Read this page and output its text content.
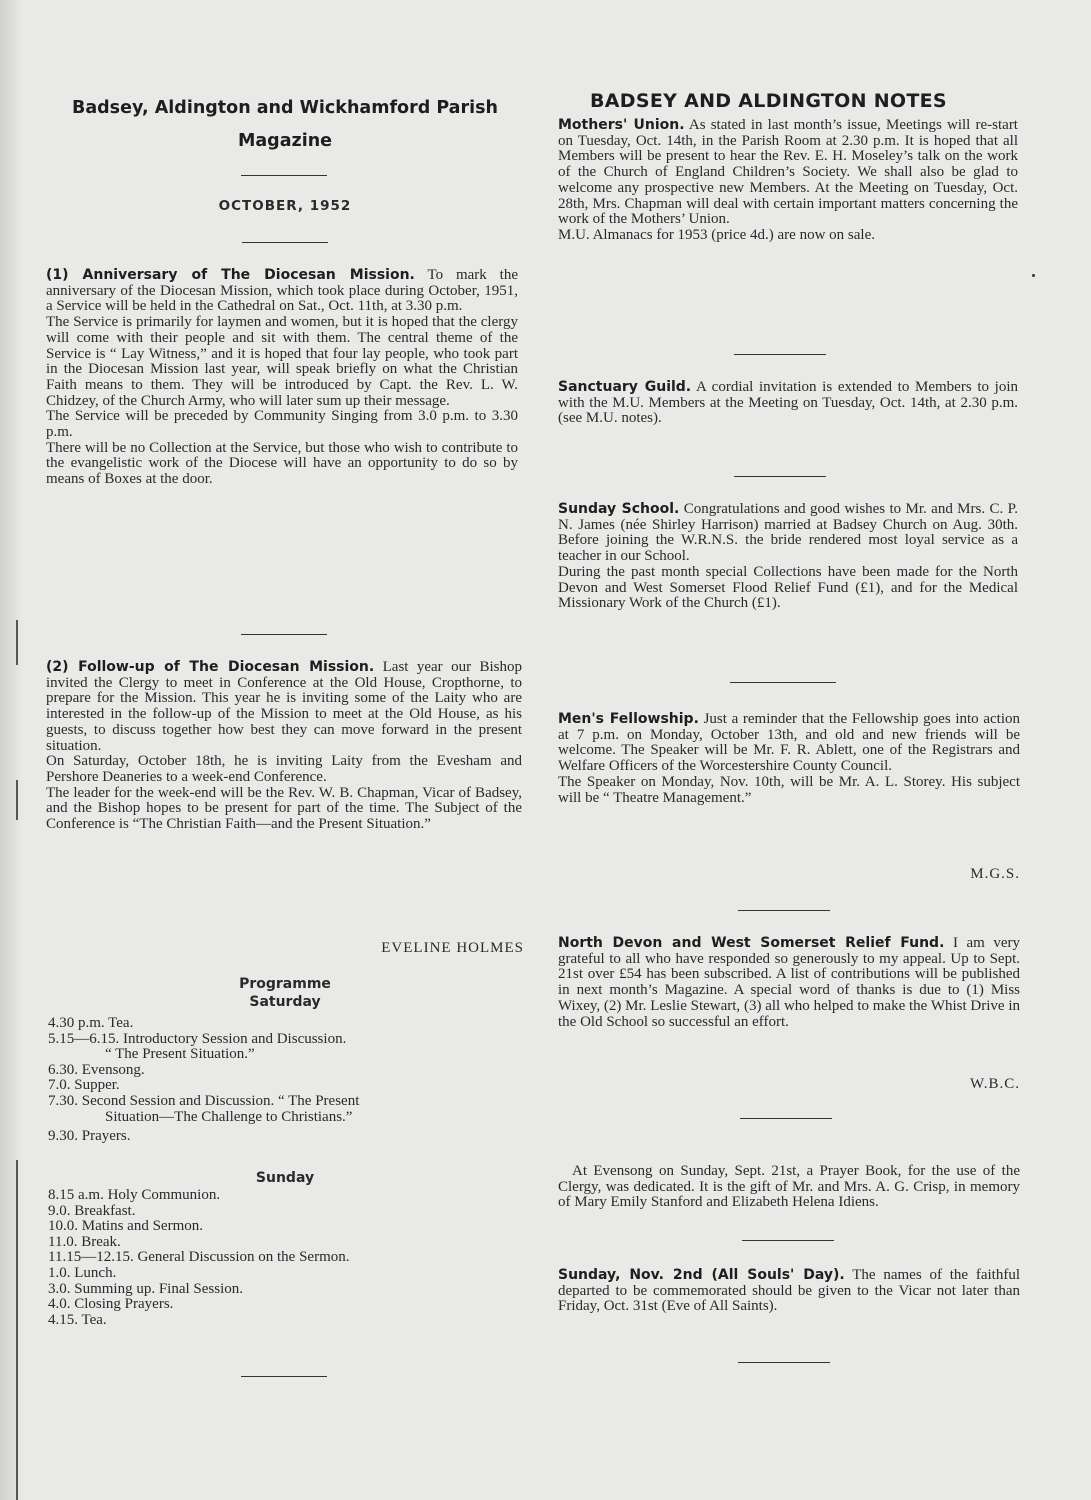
Badsey, Aldington and Wickhamford Parish
Magazine
OCTOBER, 1952

(1) Anniversary of The Diocesan Mission. To mark the anniversary of the Diocesan Mission, which took place during October, 1951, a Service will be held in the Cathedral on Sat., Oct. 11th, at 3.30 p.m.

The Service is primarily for laymen and women, but it is hoped that the clergy will come with their people and sit with them. The central theme of the Service is “ Lay Witness,” and it is hoped that four lay people, who took part in the Diocesan Mission last year, will speak briefly on what the Christian Faith means to them. They will be introduced by Capt. the Rev. L. W. Chidzey, of the Church Army, who will later sum up their message.

The Service will be preceded by Community Singing from 3.0 p.m. to 3.30 p.m.

There will be no Collection at the Service, but those who wish to contribute to the evangelistic work of the Diocese will have an opportunity to do so by means of Boxes at the door.

(2) Follow-up of The Diocesan Mission. Last year our Bishop invited the Clergy to meet in Conference at the Old House, Cropthorne, to prepare for the Mission. This year he is inviting some of the Laity who are interested in the follow-up of the Mission to meet at the Old House, as his guests, to discuss together how best they can move forward in the present situation.

On Saturday, October 18th, he is inviting Laity from the Evesham and Pershore Deaneries to a week-end Conference.

The leader for the week-end will be the Rev. W. B. Chapman, Vicar of Badsey, and the Bishop hopes to be present for part of the time. The Subject of the Conference is “The Christian Faith—and the Present Situation.”

EVELINE HOLMES
Programme
Saturday
4.30 p.m. Tea.
5.15—6.15. Introductory Session and Discussion.
“ The Present Situation.”
6.30. Evensong.
7.0. Supper.
7.30. Second Session and Discussion. “ The Present
Situation—The Challenge to Christians.”
9.30. Prayers.
Sunday
8.15 a.m. Holy Communion.
9.0. Breakfast.
10.0. Matins and Sermon.
11.0. Break.
11.15—12.15. General Discussion on the Sermon.
1.0. Lunch.
3.0. Summing up. Final Session.
4.0. Closing Prayers.
4.15. Tea.
BADSEY AND ALDINGTON NOTES

Mothers' Union. As stated in last month’s issue, Meetings will re-start on Tuesday, Oct. 14th, in the Parish Room at 2.30 p.m. It is hoped that all Members will be present to hear the Rev. E. H. Moseley’s talk on the work of the Church of England Children’s Society. We shall also be glad to welcome any prospective new Members. At the Meeting on Tuesday, Oct. 28th, Mrs. Chapman will deal with certain important matters concerning the work of the Mothers’ Union.

M.U. Almanacs for 1953 (price 4d.) are now on sale.

Sanctuary Guild. A cordial invitation is extended to Members to join with the M.U. Members at the Meeting on Tuesday, Oct. 14th, at 2.30 p.m. (see M.U. notes).

Sunday School. Congratulations and good wishes to Mr. and Mrs. C. P. N. James (née Shirley Harrison) married at Badsey Church on Aug. 30th. Before joining the W.R.N.S. the bride rendered most loyal service as a teacher in our School.

During the past month special Collections have been made for the North Devon and West Somerset Flood Relief Fund (£1), and for the Medical Missionary Work of the Church (£1).

Men's Fellowship. Just a reminder that the Fellowship goes into action at 7 p.m. on Monday, October 13th, and old and new friends will be welcome. The Speaker will be Mr. F. R. Ablett, one of the Registrars and Welfare Officers of the Worcestershire County Council.

The Speaker on Monday, Nov. 10th, will be Mr. A. L. Storey. His subject will be “ Theatre Management.”

M.G.S.

North Devon and West Somerset Relief Fund. I am very grateful to all who have responded so generously to my appeal. Up to Sept. 21st over £54 has been subscribed. A list of contributions will be published in next month’s Magazine. A special word of thanks is due to (1) Miss Wixey, (2) Mr. Leslie Stewart, (3) all who helped to make the Whist Drive in the Old School so successful an effort.

W.B.C.

At Evensong on Sunday, Sept. 21st, a Prayer Book, for the use of the Clergy, was dedicated. It is the gift of Mr. and Mrs. A. G. Crisp, in memory of Mary Emily Stanford and Elizabeth Helena Idiens.

Sunday, Nov. 2nd (All Souls' Day). The names of the faithful departed to be commemorated should be given to the Vicar not later than Friday, Oct. 31st (Eve of All Saints).
